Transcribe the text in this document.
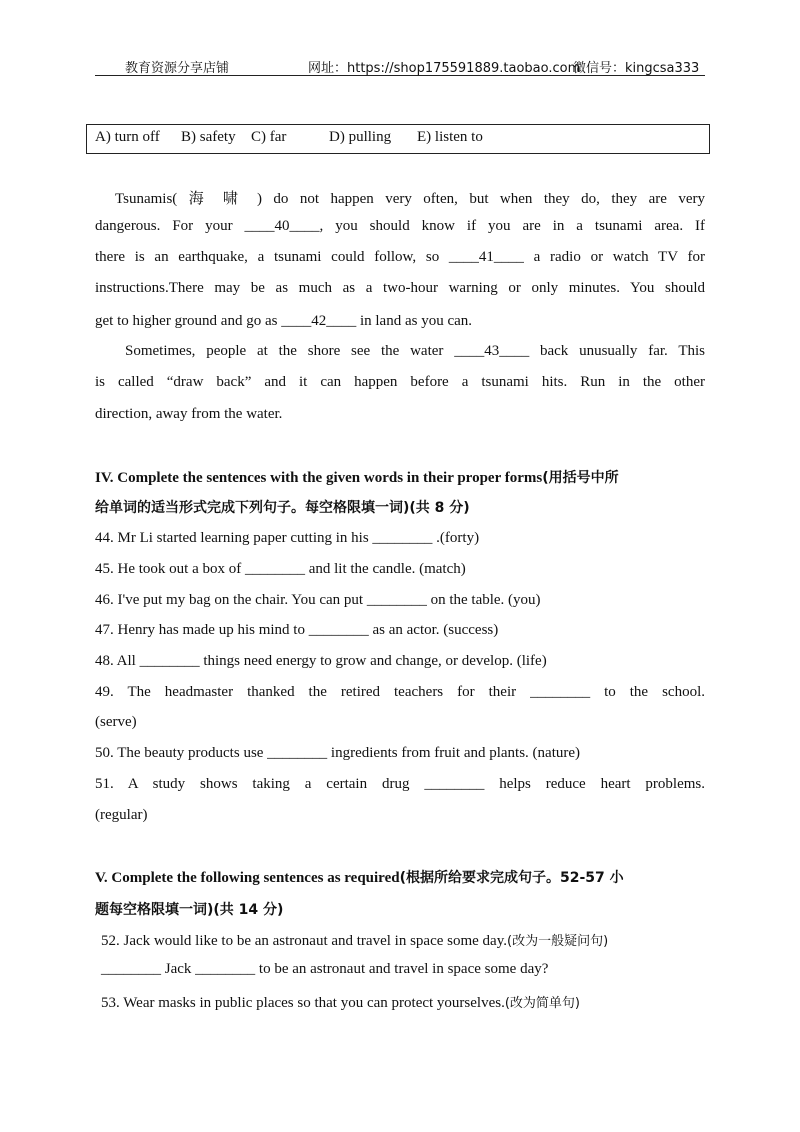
教育资源分享店铺	网址：https://shop175591889.taobao.com
微信号：kingcsa333
A) turn off B) safety C) far	D) pulling E) listen to
Tsunamis( 海 啸 ) do not happen very often, but when they do, they are very
dangerous. For your ____40____, you should know if you are in a tsunami area. If
there is an earthquake, a tsunami could follow, so ____41____ a radio or watch TV for
instructions.There may be as much as a two-hour warning or only minutes. You should
get to higher ground and go as ____42____ in land as you can.
Sometimes, people at the shore see the water ____43____ back unusually far. This
is called “draw back” and it can happen before a tsunami hits. Run in the other
direction, away from the water.
IV. Complete the sentences with the given words in their proper forms(用括号中所
给单词的适当形式完成下列句子。每空格限填一词)(共 8 分)
44. Mr Li started learning paper cutting in his ________ .(forty)
45. He took out a box of ________ and lit the candle. (match)
46. I've put my bag on the chair. You can put ________ on the table. (you)
47. Henry has made up his mind to ________ as an actor. (success)
48. All ________ things need energy to grow and change, or develop. (life)
49. The headmaster thanked the retired teachers for their ________ to the school.
(serve)
50. The beauty products use ________ ingredients from fruit and plants. (nature)
51. A study shows taking a certain drug ________ helps reduce heart problems.
(regular)
V. Complete the following sentences as required(根据所给要求完成句子。52-57 小
题每空格限填一词)(共 14 分)
52. Jack would like to be an astronaut and travel in space some day.(改为一般疑问句)
________ Jack ________ to be an astronaut and travel in space some day?
53. Wear masks in public places so that you can protect yourselves.(改为简单句)
